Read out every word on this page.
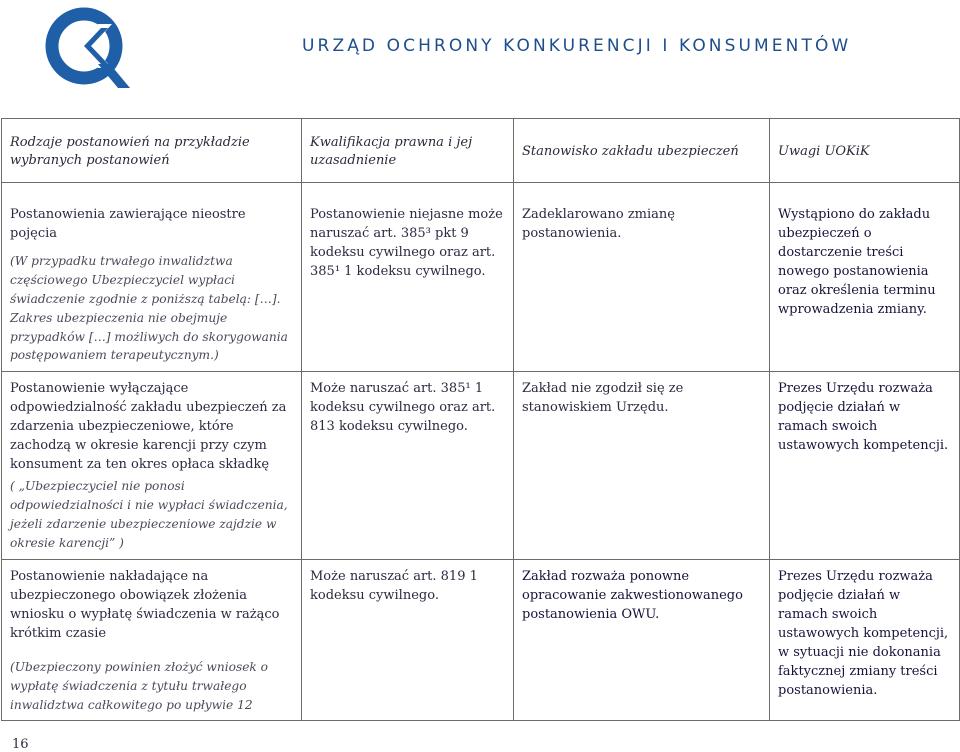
URZĄD OCHRONY KONKURENCJI I KONSUMENTÓW
Rodzaje postanowień na przykładzie wybranych postanowień	Kwalifikacja prawna i jej uzasadnienie	Stanowisko zakładu ubezpieczeń	Uwagi UOKiK

Postanowienia zawierające nieostre pojęcia
(W przypadku trwałego inwalidztwa częściowego Ubezpieczyciel wypłaci świadczenie zgodnie z poniższą tabelą: […]. Zakres ubezpieczenia nie obejmuje przypadków […] możliwych do skorygowania postępowaniem terapeutycznym.)	Postanowienie niejasne może naruszać art. 385³ pkt 9 kodeksu cywilnego oraz art. 385¹ 1 kodeksu cywilnego.	Zadeklarowano zmianę postanowienia.	Wystąpiono do zakładu ubezpieczeń o dostarczenie treści nowego postanowienia oraz określenia terminu wprowadzenia zmiany.

Postanowienie wyłączające odpowiedzialność zakładu ubezpieczeń za zdarzenia ubezpieczeniowe, które zachodzą w okresie karencji przy czym konsument za ten okres opłaca składkę
( „Ubezpieczyciel nie ponosi odpowiedzialności i nie wypłaci świadczenia, jeżeli zdarzenie ubezpieczeniowe zajdzie w okresie karencji” )	Może naruszać art. 385¹ 1 kodeksu cywilnego oraz art. 813 kodeksu cywilnego.	Zakład nie zgodził się ze stanowiskiem Urzędu.	Prezes Urzędu rozważa podjęcie działań w ramach swoich ustawowych kompetencji.

Postanowienie nakładające na ubezpieczonego obowiązek złożenia wniosku o wypłatę świadczenia w rażąco krótkim czasie
(Ubezpieczony powinien złożyć wniosek o wypłatę świadczenia z tytułu trwałego inwalidztwa całkowitego po upływie 12	Może naruszać art. 819 1 kodeksu cywilnego.	Zakład rozważa ponowne opracowanie zakwestionowanego postanowienia OWU.	Prezes Urzędu rozważa podjęcie działań w ramach swoich ustawowych kompetencji, w sytuacji nie dokonania faktycznej zmiany treści postanowienia.
16
